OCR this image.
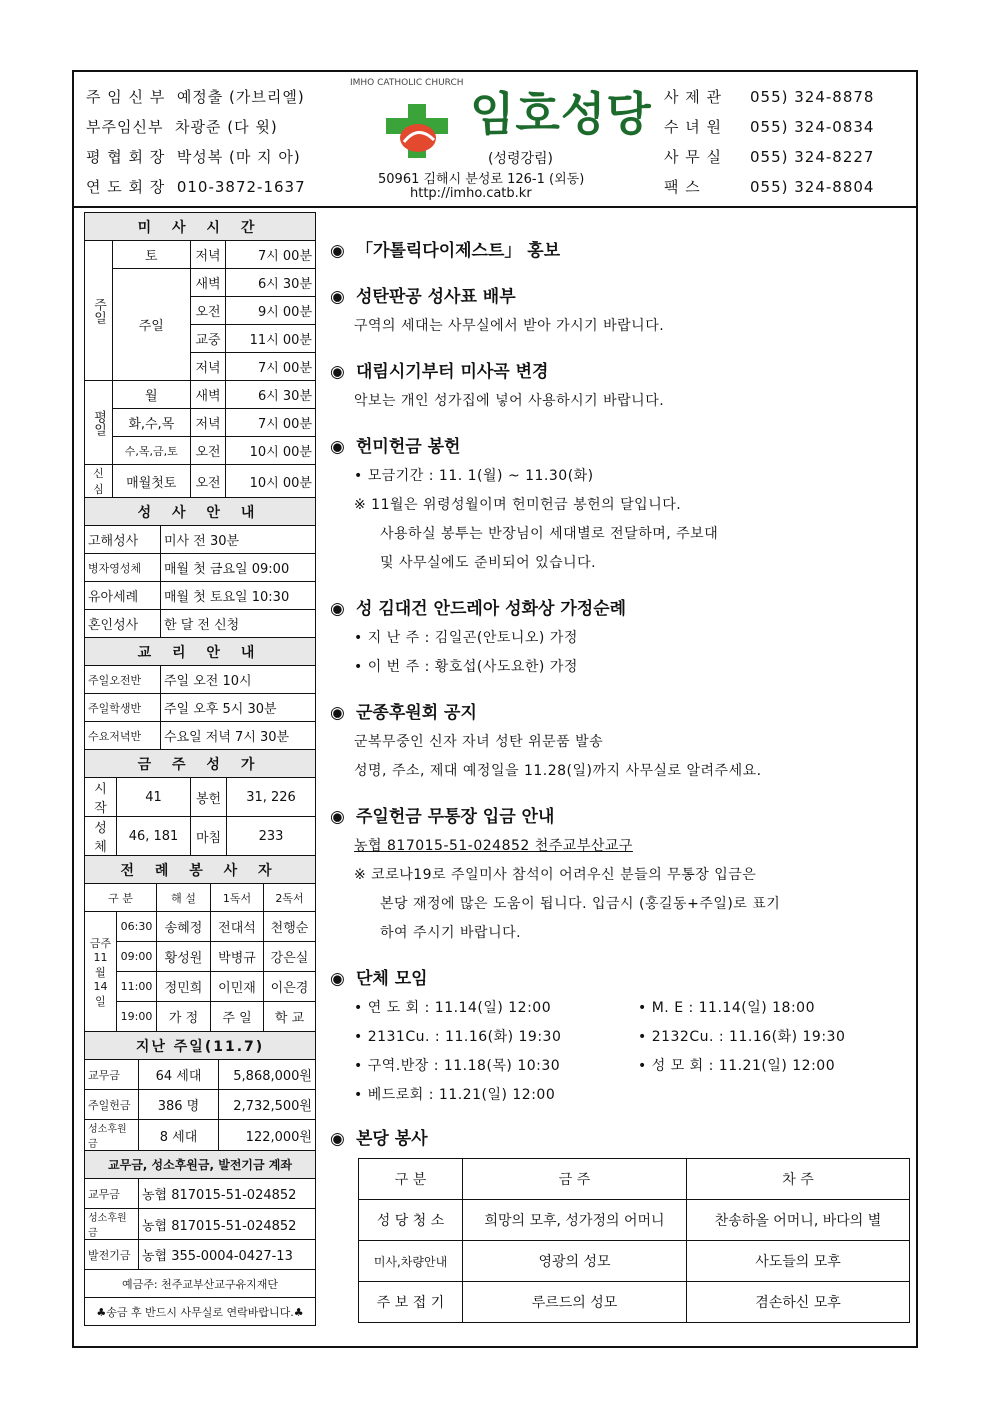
주 임 신 부 예정출 (가브리엘)
부주임신부 차광준 (다 윗)
평 협 회 장 박성복 (마 지 아)
연 도 회 장 010-3872-1637
IMHO CATHOLIC CHURCH
임호성당
(성령강림)
50961 김해시 분성로 126-1 (외동)
http://imho.catb.kr
사 제 관 055) 324-8878
수 녀 원 055) 324-0834
사 무 실 055) 324-8227
팩 스	055) 324-8804
미 사 시 간			
주일	토	저녁	7시 00분
	주일	새벽	6시 30분
		오전	9시 00분
		교중	11시 00분
		저녁	7시 00분
평일	월	새벽	6시 30분
	화,수,목	저녁	7시 00분
	수,목,금,토	오전	10시 00분
신심	매월첫토	오전	10시 00분
성 사 안 내	
고해성사	미사 전 30분
병자영성체	매월 첫 금요일 09:00
유아세례	매월 첫 토요일 10:30
혼인성사	한 달 전 신청
교 리 안 내	
주일오전반	주일 오전 10시
주일학생반	주일 오후 5시 30분
수요저녁반	수요일 저녁 7시 30분
금 주 성 가			
시작	41	봉헌	31, 226
성체	46, 181	마침	233
전 례 봉 사 자				
구 분		해 설	1독서	2독서
금주 11월 14일	06:30	송혜정	전대석	천행순
	09:00	황성원	박병규	강은실
	11:00	정민희	이민재	이은경
	19:00	가 정	주 일	학 교
지난 주일(11.7)		
교무금	64 세대	5,868,000원
주일헌금	386 명	2,732,500원
성소후원금	8 세대	122,000원
교무금, 성소후원금, 발전기금 계좌	
교무금	농협 817015-51-024852
성소후원금	농협 817015-51-024852
발전기금	농협 355-0004-0427-13
예금주: 천주교부산교구유지재단	
♣송금 후 반드시 사무실로 연락바랍니다.♣	
◉ 「가톨릭다이제스트」 홍보
◉ 성탄판공 성사표 배부
구역의 세대는 사무실에서 받아 가시기 바랍니다.
◉ 대림시기부터 미사곡 변경
악보는 개인 성가집에 넣어 사용하시기 바랍니다.
◉ 헌미헌금 봉헌
• 모금기간 : 11. 1(월) ~ 11.30(화)
※ 11월은 위령성월이며 헌미헌금 봉헌의 달입니다.
사용하실 봉투는 반장님이 세대별로 전달하며, 주보대
및 사무실에도 준비되어 있습니다.
◉ 성 김대건 안드레아 성화상 가정순례
• 지 난 주 : 김일곤(안토니오) 가정
• 이 번 주 : 황호섭(사도요한) 가정
◉ 군종후원회 공지
군복무중인 신자 자녀 성탄 위문품 발송
성명, 주소, 제대 예정일을 11.28(일)까지 사무실로 알려주세요.
◉ 주일헌금 무통장 입금 안내
농협 817015-51-024852 천주교부산교구
※ 코로나19로 주일미사 참석이 어려우신 분들의 무통장 입금은
본당 재정에 많은 도움이 됩니다. 입금시 (홍길동+주일)로 표기
하여 주시기 바랍니다.
◉ 단체 모임
• 연 도 회 : 11.14(일) 12:00	• M. E : 11.14(일) 18:00
• 2131Cu. : 11.16(화) 19:30	• 2132Cu. : 11.16(화) 19:30
• 구역.반장 : 11.18(목) 10:30	• 성 모 회 : 11.21(일) 12:00
• 베드로회 : 11.21(일) 12:00
◉ 본당 봉사
구 분	금 주	차 주
성 당 청 소	희망의 모후, 성가정의 어머니	찬송하올 어머니, 바다의 별
미사,차량안내	영광의 성모	사도들의 모후
주 보 접 기	루르드의 성모	겸손하신 모후
